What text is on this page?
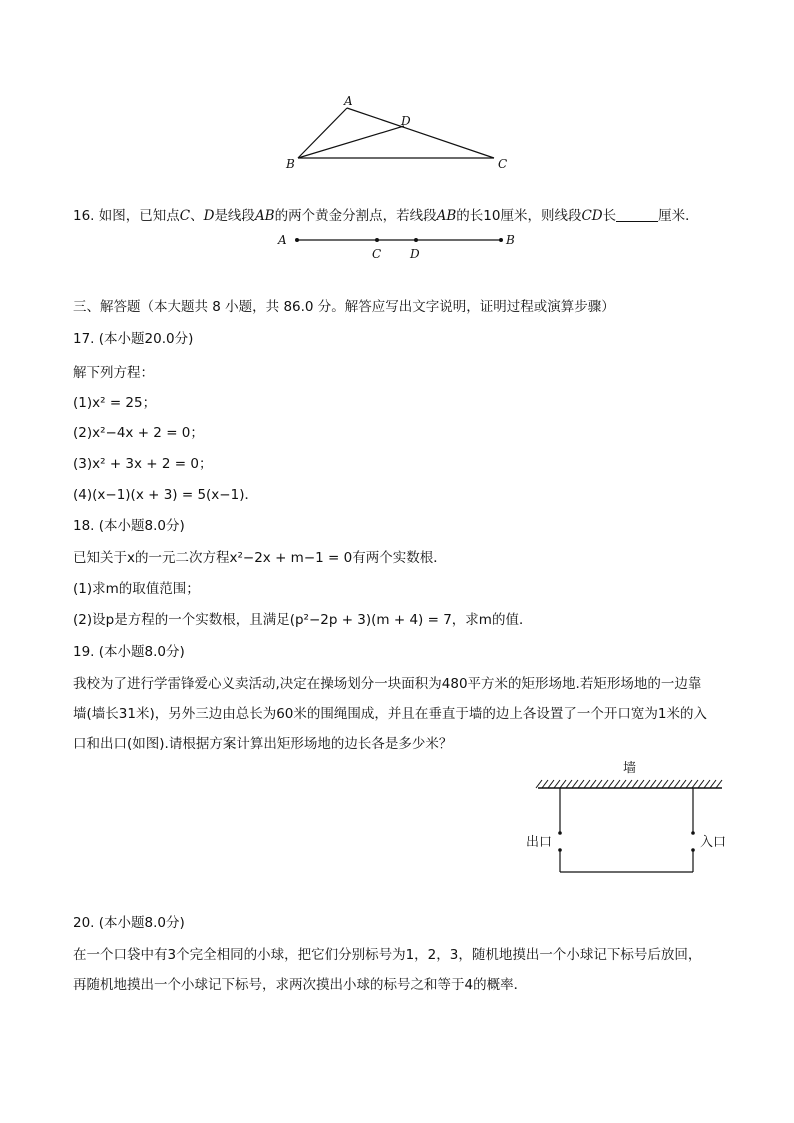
A
D
B	C
16. 如图，已知点C、D是线段AB的两个黄金分割点，若线段AB的长10厘米，则线段CD长	厘米．
A	B
C D
三、解答题（本大题共 8 小题，共 86.0 分。解答应写出文字说明，证明过程或演算步骤）
17. (本小题20.0分)
解下列方程：
(1)x² = 25；
(2)x²−4x + 2 = 0；
(3)x² + 3x + 2 = 0；
(4)(x−1)(x + 3) = 5(x−1)．
18. (本小题8.0分)
已知关于x的一元二次方程x²−2x + m−1 = 0有两个实数根．
(1)求m的取值范围；
(2)设p是方程的一个实数根，且满足(p²−2p + 3)(m + 4) = 7，求m的值．
19. (本小题8.0分)
我校为了进行学雷锋爱心义卖活动,决定在操场划分一块面积为480平方米的矩形场地.若矩形场地的一边靠
墙(墙长31米)，另外三边由总长为60米的围绳围成，并且在垂直于墙的边上各设置了一个开口宽为1米的入
口和出口(如图).请根据方案计算出矩形场地的边长各是多少米？
墙
出口	入口
20. (本小题8.0分)
在一个口袋中有3个完全相同的小球，把它们分别标号为1，2，3，随机地摸出一个小球记下标号后放回，
再随机地摸出一个小球记下标号，求两次摸出小球的标号之和等于4的概率．
